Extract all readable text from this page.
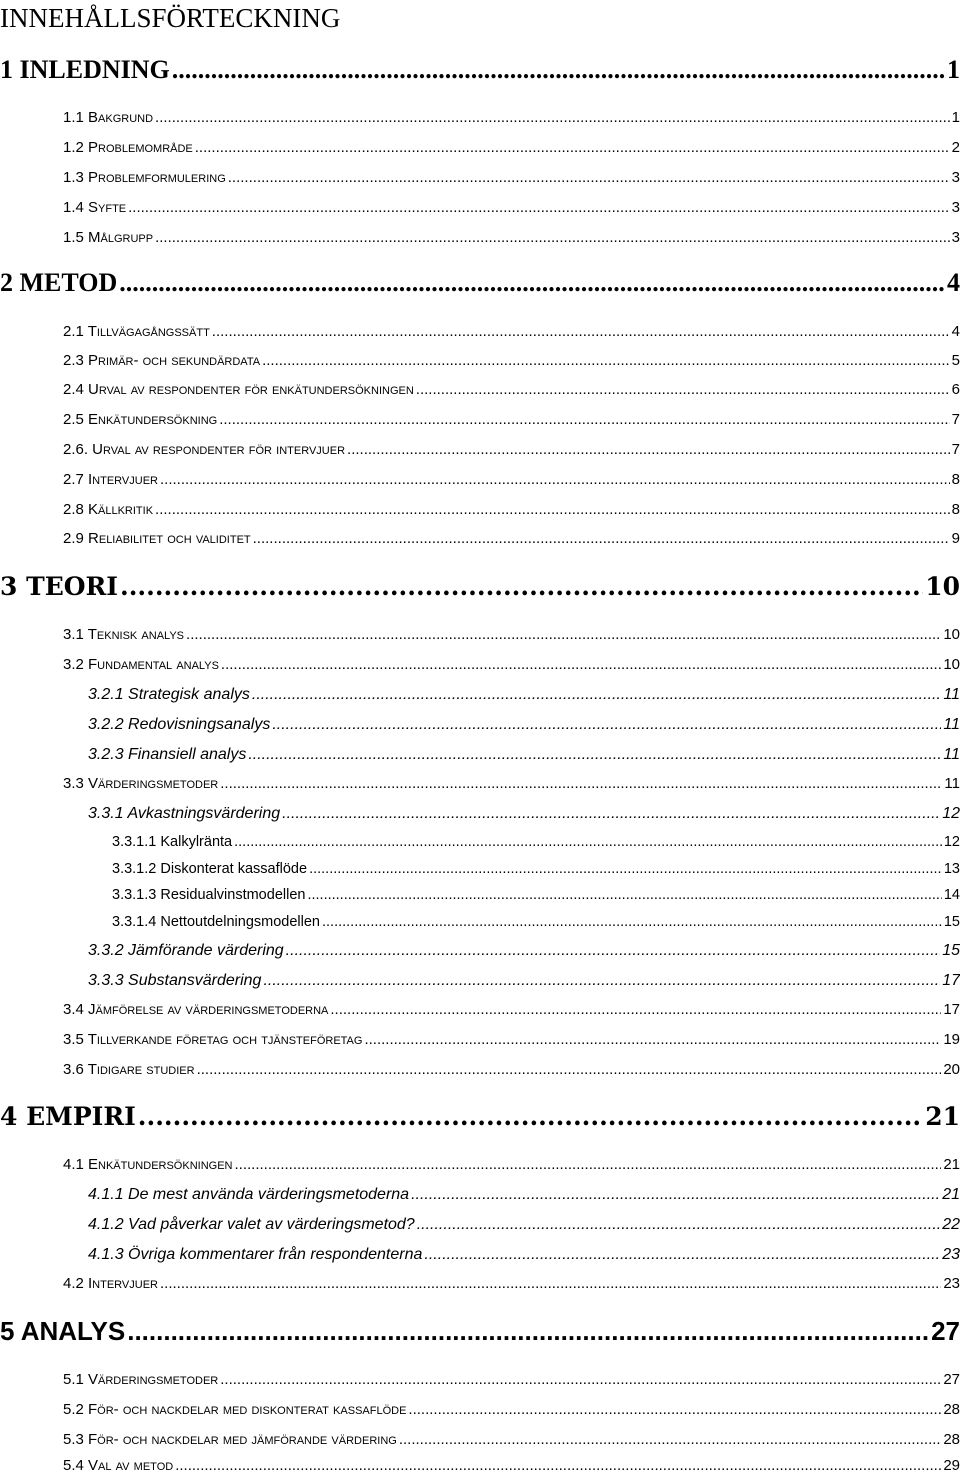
INNEHÅLLSFÖRTECKNING
1 INLEDNING .....	1
1.1 Bakgrund .....	1
1.2 Problemområde .....	2
1.3 Problemformulering .....	3
1.4 Syfte .....	3
1.5 Målgrupp .....	3
2 METOD .....	4
2.1 Tillvägagångssätt .....	4
2.3 Primär- och sekundärdata .....	5
2.4 Urval av respondenter för enkätundersökningen .....	6
2.5 Enkätundersökning .....	7
2.6. Urval av respondenter för intervjuer .....	7
2.7 Intervjuer .....	8
2.8 Källkritik .....	8
2.9 Reliabilitet och validitet .....	9
3 TEORI .....	10
3.1 Teknisk analys .....	10
3.2 Fundamental analys .....	10
3.2.1 Strategisk analys .....	11
3.2.2 Redovisningsanalys .....	11
3.2.3 Finansiell analys .....	11
3.3 Värderingsmetoder .....	11
3.3.1 Avkastningsvärdering .....	12
3.3.1.1 Kalkylränta .....	12
3.3.1.2 Diskonterat kassaflöde .....	13
3.3.1.3 Residualvinstmodellen .....	14
3.3.1.4 Nettoutdelningsmodellen .....	15
3.3.2 Jämförande värdering .....	15
3.3.3 Substansvärdering .....	17
3.4 Jämförelse av värderingsmetoderna .....	17
3.5 Tillverkande företag och tjänsteföretag .....	19
3.6 Tidigare studier .....	20
4 EMPIRI .....	21
4.1 Enkätundersökningen .....	21
4.1.1 De mest använda värderingsmetoderna .....	21
4.1.2 Vad påverkar valet av värderingsmetod? .....	22
4.1.3 Övriga kommentarer från respondenterna .....	23
4.2 Intervjuer .....	23
5 ANALYS .....	27
5.1 Värderingsmetoder .....	27
5.2 För- och nackdelar med diskonterat kassaflöde .....	28
5.3 För- och nackdelar med jämförande värdering .....	28
5.4 Val av metod .....	29
